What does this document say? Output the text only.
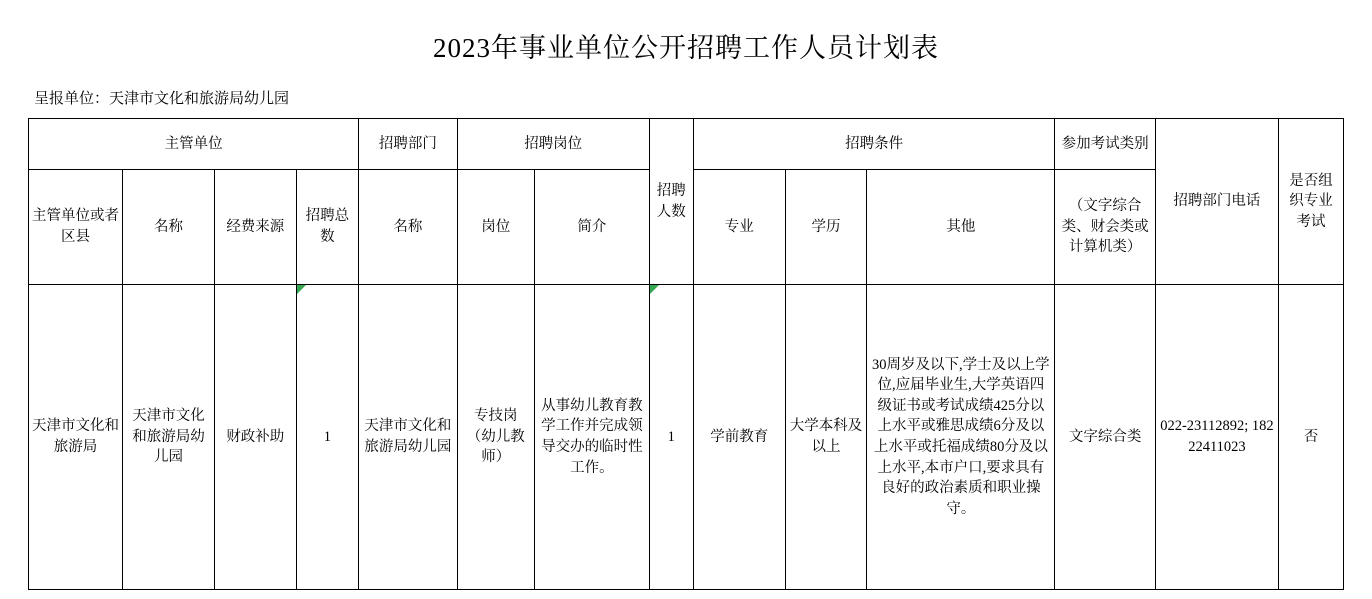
2023年事业单位公开招聘工作人员计划表
呈报单位：天津市文化和旅游局幼儿园
主管单位				招聘部门	招聘岗位		招聘人数	招聘条件			参加考试类别	招聘部门电话	是否组织专业考试
主管单位或者区县	名称	经费来源	招聘总数	名称	岗位	简介		专业	学历	其他	（文字综合类、财会类或计算机类）		
天津市文化和旅游局	天津市文化和旅游局幼儿园	财政补助	1	天津市文化和旅游局幼儿园	专技岗（幼儿教师）	从事幼儿教育教学工作并完成领导交办的临时性工作。	1	学前教育	大学本科及以上	30周岁及以下,学士及以上学位,应届毕业生,大学英语四级证书或考试成绩425分以上水平或雅思成绩6分及以上水平或托福成绩80分及以上水平,本市户口,要求具有良好的政治素质和职业操守。	文字综合类	022-23112892; 18222411023	否
